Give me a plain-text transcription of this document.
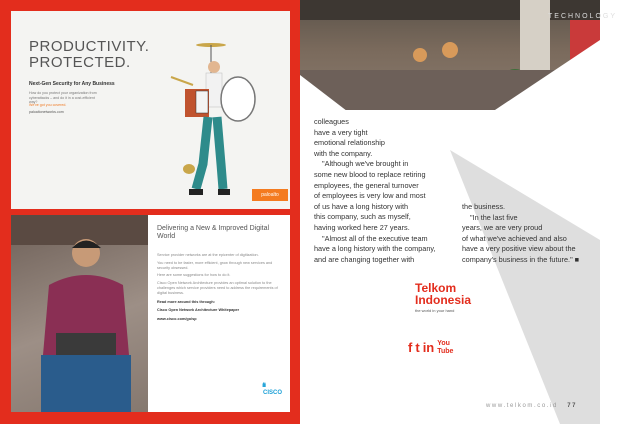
PRODUCTIVITY. PROTECTED.
Next-Gen Security for Any Business
How do you protect your organization from cyberattacks – and do it in a cost-efficient way?
We've got you covered.
paloaltonetworks.com
paloalto
Delivering a New & Improved Digital World
Service provider networks are at the epicenter of digitization.
You need to be faster, more efficient, grow through new services and security obsessed.
Here are some suggestions for how to do it.
Cisco Open Network Architecture provides an optimal solution to the challenges which service providers need to address the requirements of digital business.
Read more around this through:
Cisco Open Network Architecture Whitepaper
www.cisco.com/go/sp
ıllıllı
CISCO
TECHNOLOGY
colleagues
have a very tight
emotional relationship
with the company.
"Although we've brought in
some new blood to replace retiring
employees, the general turnover
of employees is very low and most
of us have a long history with
this company, such as myself,
having worked here 27 years.
"Almost all of the executive team
have a long history with the company,
and are changing together with
the business.
"In the last five
years, we are very proud
of what we've achieved and also
have a very positive view about the
company's business in the future." ■
Telkom
Indonesia
the world in your hand
f t in You Tube
www.telkom.co.id 77
